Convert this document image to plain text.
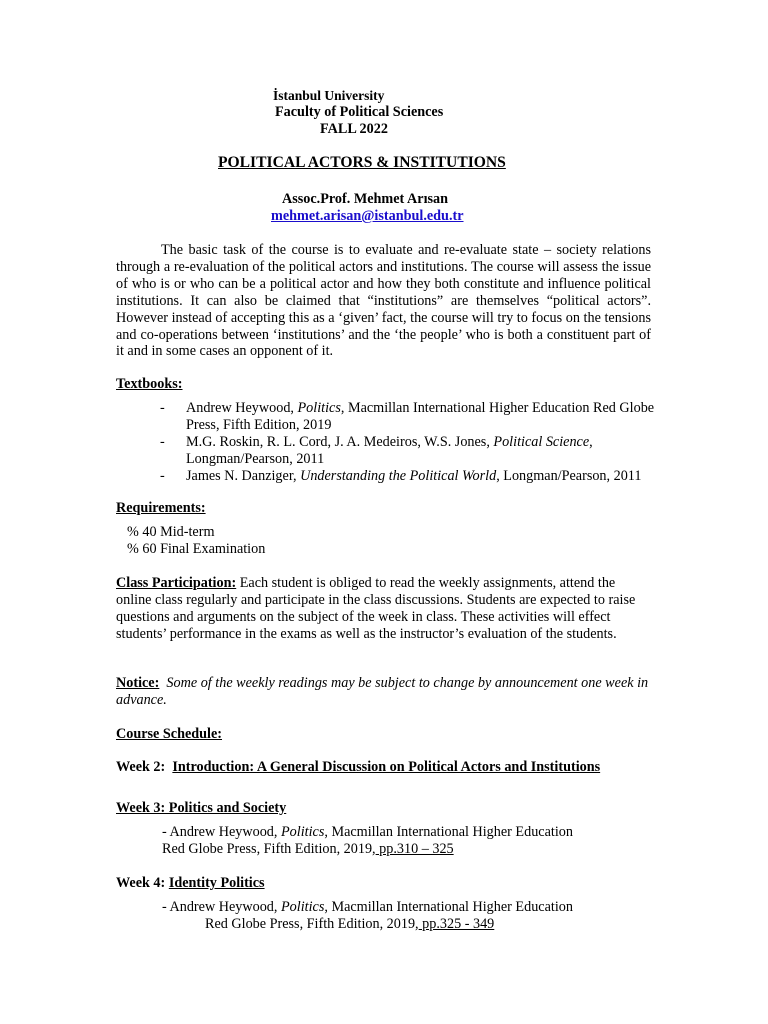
İstanbul University
Faculty of Political Sciences
FALL 2022
POLITICAL ACTORS & INSTITUTIONS
Assoc.Prof. Mehmet Arısan
mehmet.arisan@istanbul.edu.tr
The basic task of the course is to evaluate and re-evaluate state – society relations through a re-evaluation of the political actors and institutions. The course will assess the issue of who is or who can be a political actor and how they both constitute and influence political institutions. It can also be claimed that “institutions” are themselves “political actors”. However instead of accepting this as a ‘given’ fact, the course will try to focus on the tensions and co-operations between ‘institutions’ and the ‘the people’ who is both a constituent part of it and in some cases an opponent of it.
Textbooks:
- Andrew Heywood, Politics, Macmillan International Higher Education Red Globe Press, Fifth Edition, 2019
- M.G. Roskin, R. L. Cord, J. A. Medeiros, W.S. Jones, Political Science, Longman/Pearson, 2011
- James N. Danziger, Understanding the Political World, Longman/Pearson, 2011
Requirements:
% 40 Mid-term
% 60 Final Examination
Class Participation: Each student is obliged to read the weekly assignments, attend the online class regularly and participate in the class discussions. Students are expected to raise questions and arguments on the subject of the week in class. These activities will effect students’ performance in the exams as well as the instructor’s evaluation of the students.
Notice: Some of the weekly readings may be subject to change by announcement one week in advance.
Course Schedule:
Week 2: Introduction: A General Discussion on Political Actors and Institutions
Week 3: Politics and Society
- Andrew Heywood, Politics, Macmillan International Higher Education
Red Globe Press, Fifth Edition, 2019, pp.310 – 325
Week 4: Identity Politics
- Andrew Heywood, Politics, Macmillan International Higher Education
Red Globe Press, Fifth Edition, 2019, pp.325 - 349
